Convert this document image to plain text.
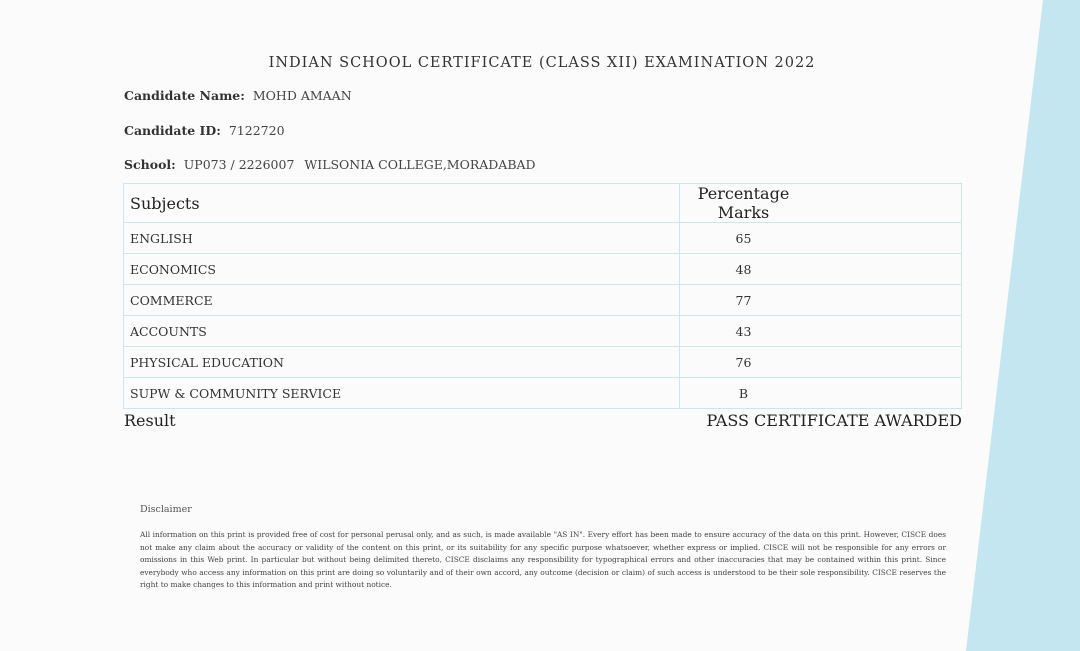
INDIAN SCHOOL CERTIFICATE (CLASS XII) EXAMINATION 2022
Candidate Name: MOHD AMAAN
Candidate ID: 7122720
School: UP073 / 2226007 WILSONIA COLLEGE,MORADABAD
Subjects	Percentage Marks
ENGLISH	65
ECONOMICS	48
COMMERCE	77
ACCOUNTS	43
PHYSICAL EDUCATION	76
SUPW & COMMUNITY SERVICE	B
Result	PASS CERTIFICATE AWARDED
Disclaimer
All information on this print is provided free of cost for personal perusal only, and as such, is made available "AS IN". Every effort has been made to ensure accuracy of the data on this print. However, CISCE does not make any claim about the accuracy or validity of the content on this print, or its suitability for any specific purpose whatsoever, whether express or implied. CISCE will not be responsible for any errors or omissions in this Web print. In particular but without being delimited thereto, CISCE disclaims any responsibility for typographical errors and other inaccuracies that may be contained within this print. Since everybody who access any information on this print are doing so voluntarily and of their own accord, any outcome (decision or claim) of such access is understood to be their sole responsibility. CISCE reserves the right to make changes to this information and print without notice.
